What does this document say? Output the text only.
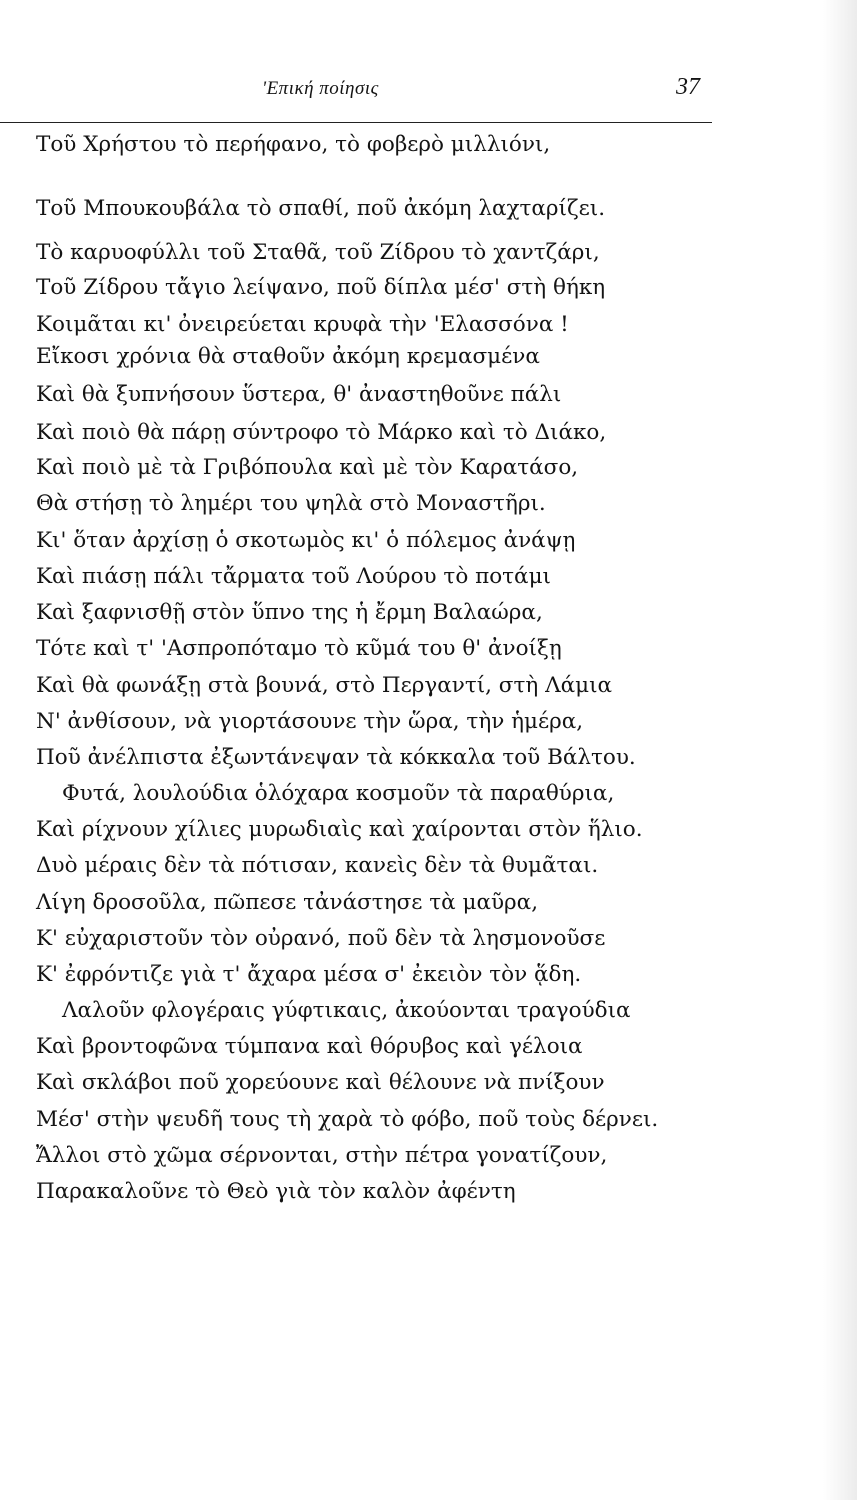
'Επική ποίησις	37
Τοῦ Χρήστου τὸ περήφανο, τὸ φοβερὸ μιλλιόνι,
Τοῦ Μπουκουβάλα τὸ σπαθί, ποῦ ἀκόμη λαχταρίζει.
Τὸ καρυοφύλλι τοῦ Σταθᾶ, τοῦ Ζίδρου τὸ χαντζάρι,
Τοῦ Ζίδρου τἄγιο λείψανο, ποῦ δίπλα μέσ' στὴ θήκη
Κοιμᾶται κι' ὀνειρεύεται κρυφὰ τὴν 'Ελασσόνα !
Εἴκοσι χρόνια θὰ σταθοῦν ἀκόμη κρεμασμένα
Καὶ θὰ ξυπνήσουν ὕστερα, θ' ἀναστηθοῦνε πάλι
Καὶ ποιὸ θὰ πάρῃ σύντροφο τὸ Μάρκο καὶ τὸ Διάκο,
Καὶ ποιὸ μὲ τὰ Γριβόπουλα καὶ μὲ τὸν Καρατάσο,
Θὰ στήσῃ τὸ λημέρι του ψηλὰ στὸ Μοναστῆρι.
Κι' ὅταν ἀρχίσῃ ὁ σκοτωμὸς κι' ὁ πόλεμος ἀνάψῃ
Καὶ πιάσῃ πάλι τἄρματα τοῦ Λούρου τὸ ποτάμι
Καὶ ξαφνισθῇ στὸν ὕπνο της ἡ ἔρμη Βαλαώρα,
Τότε καὶ τ' 'Ασπροπόταμο τὸ κῦμά του θ' ἀνοίξῃ
Καὶ θὰ φωνάξῃ στὰ βουνά, στὸ Περγαντί, στὴ Λάμια
Ν' ἀνθίσουν, νὰ γιορτάσουνε τὴν ὥρα, τὴν ἡμέρα,
Ποῦ ἀνέλπιστα ἐξωντάνεψαν τὰ κόκκαλα τοῦ Βάλτου.
Φυτά, λουλούδια ὁλόχαρα κοσμοῦν τὰ παραθύρια,
Καὶ ρίχνουν χίλιες μυρωδιαὶς καὶ χαίρονται στὸν ἥλιο.
Δυὸ μέραις δὲν τὰ πότισαν, κανεὶς δὲν τὰ θυμᾶται.
Λίγη δροσοῦλα, πῶπεσε τἀνάστησε τὰ μαῦρα,
Κ' εὐχαριστοῦν τὸν οὐρανό, ποῦ δὲν τὰ λησμονοῦσε
Κ' ἐφρόντιζε γιὰ τ' ἄχαρα μέσα σ' ἐκειὸν τὸν ᾅδη.
Λαλοῦν φλογέραις γύφτικαις, ἀκούονται τραγούδια
Καὶ βροντοφῶνα τύμπανα καὶ θόρυβος καὶ γέλοια
Καὶ σκλάβοι ποῦ χορεύουνε καὶ θέλουνε νὰ πνίξουν
Μέσ' στὴν ψευδῆ τους τὴ χαρὰ τὸ φόβο, ποῦ τοὺς δέρνει.
Ἄλλοι στὸ χῶμα σέρνονται, στὴν πέτρα γονατίζουν,
Παρακαλοῦνε τὸ Θεὸ γιὰ τὸν καλὸν ἀφέντη
